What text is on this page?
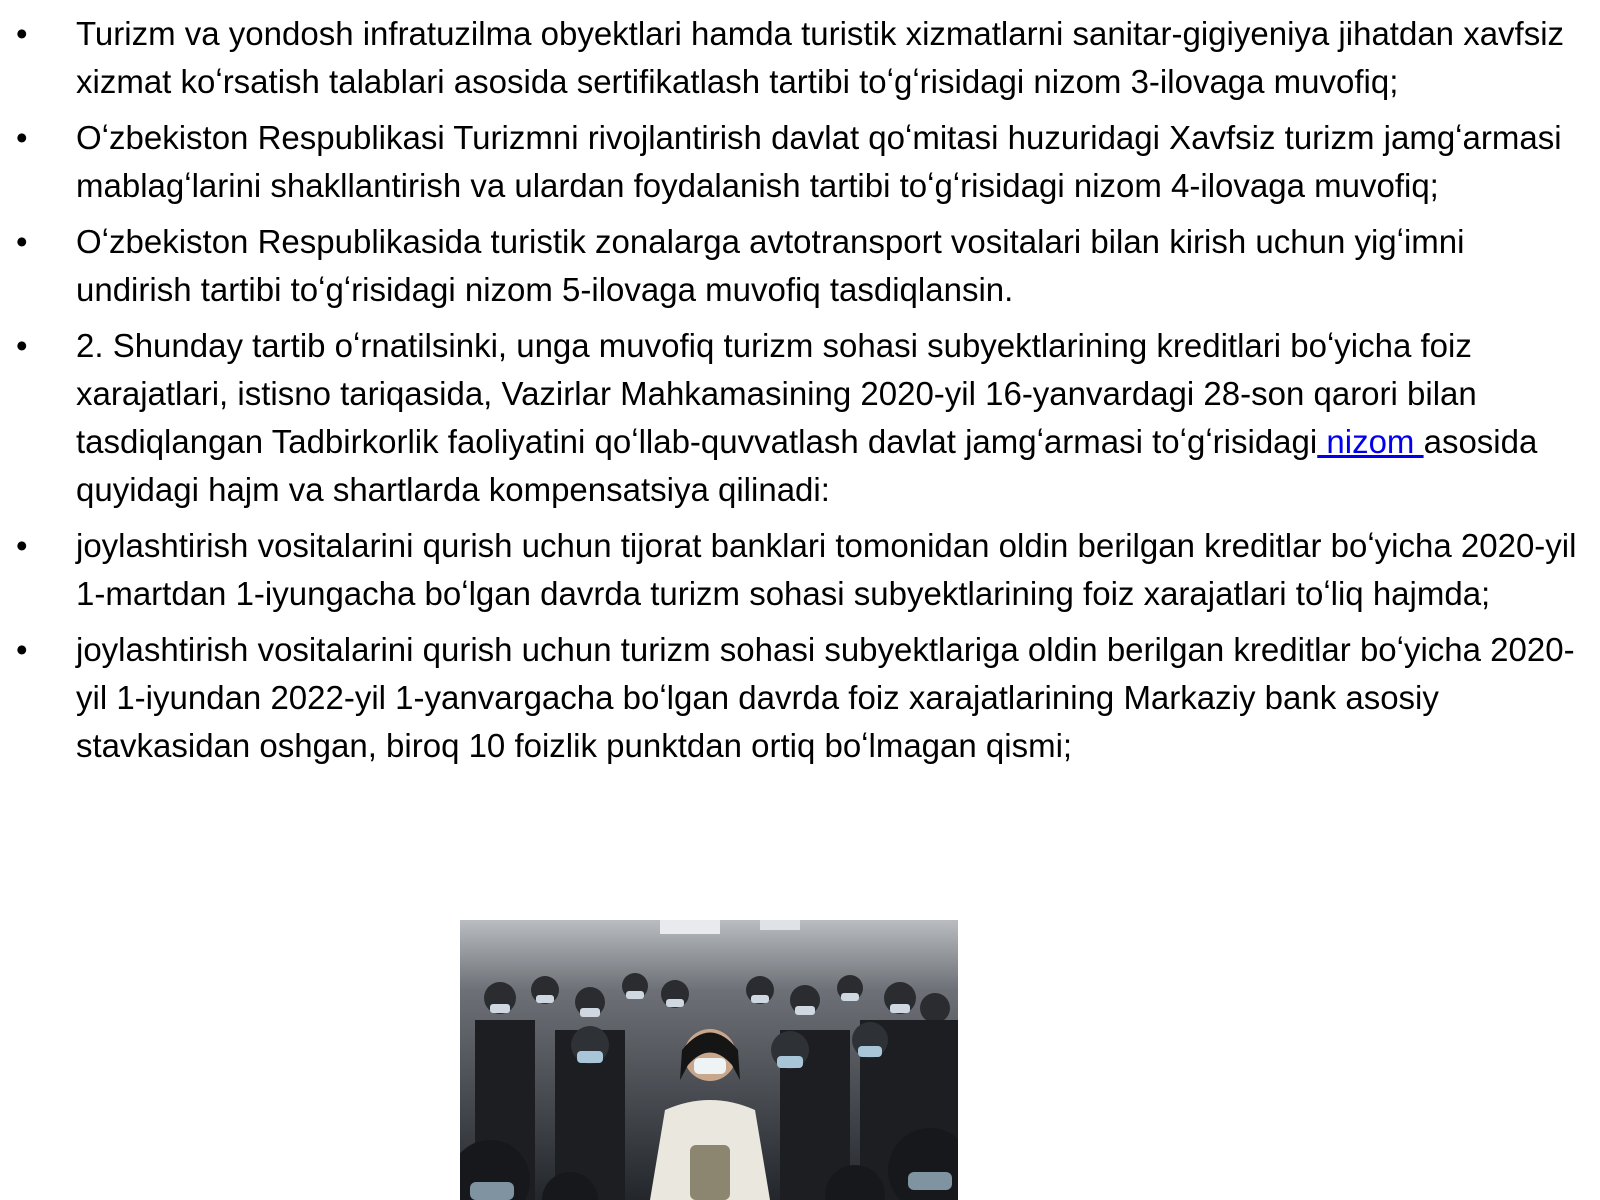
•	Turizm va yondosh infratuzilma obyektlari hamda turistik xizmatlarni sanitar-gigiyeniya jihatdan xavfsiz xizmat koʻrsatish talablari asosida sertifikatlash tartibi toʻgʻrisidagi nizom 3-ilovaga muvofiq;
•	Oʻzbekiston Respublikasi Turizmni rivojlantirish davlat qoʻmitasi huzuridagi Xavfsiz turizm jamgʻarmasi mablagʻlarini shakllantirish va ulardan foydalanish tartibi toʻgʻrisidagi nizom 4-ilovaga muvofiq;
•	Oʻzbekiston Respublikasida turistik zonalarga avtotransport vositalari bilan kirish uchun yigʻimni undirish tartibi toʻgʻrisidagi nizom 5-ilovaga muvofiq tasdiqlansin.
•	2. Shunday tartib oʻrnatilsinki, unga muvofiq turizm sohasi subyektlarining kreditlari boʻyicha foiz xarajatlari, istisno tariqasida, Vazirlar Mahkamasining 2020-yil 16-yanvardagi 28-son qarori bilan tasdiqlangan Tadbirkorlik faoliyatini qoʻllab-quvvatlash davlat jamgʻarmasi toʻgʻrisidagi nizom asosida quyidagi hajm va shartlarda kompensatsiya qilinadi:
•	joylashtirish vositalarini qurish uchun tijorat banklari tomonidan oldin berilgan kreditlar boʻyicha 2020-yil 1-martdan 1-iyungacha boʻlgan davrda turizm sohasi subyektlarining foiz xarajatlari toʻliq hajmda;
•	joylashtirish vositalarini qurish uchun turizm sohasi subyektlariga oldin berilgan kreditlar boʻyicha 2020-yil 1-iyundan 2022-yil 1-yanvargacha boʻlgan davrda foiz xarajatlarining Markaziy bank asosiy stavkasidan oshgan, biroq 10 foizlik punktdan ortiq boʻlmagan qismi;
